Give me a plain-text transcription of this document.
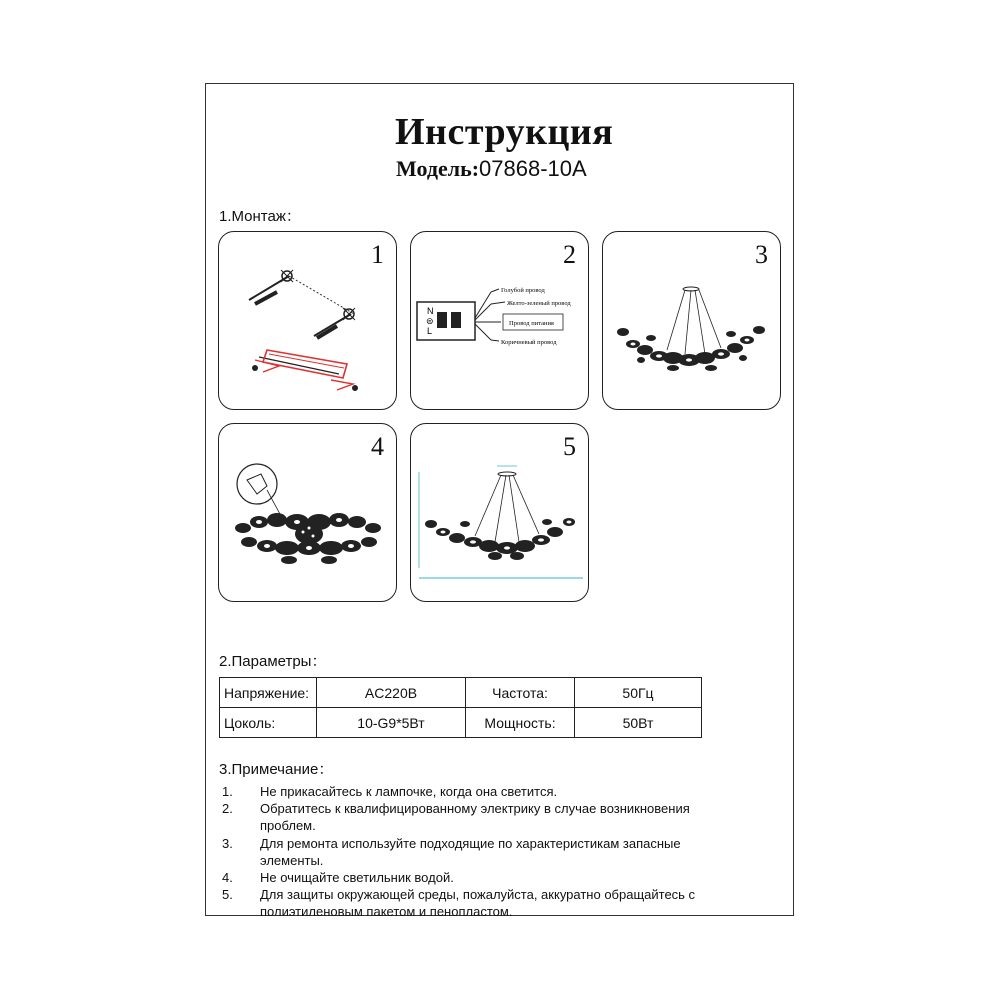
Инструкция
Модель:07868-10A
1.Монтаж：
1	2
N
⊜
L
Голубой провод
Желто-зеленый провод
Провод питания
Коричневый провод
3
4	5
2.Параметры：
Напряжение:	AC220В	Частота:	50Гц
Цоколь:	10-G9*5Вт	Мощность:	50Вт
3.Примечание：
1.	Не прикасайтесь к лампочке, когда она светится.
2.	Обратитесь к квалифицированному электрику в случае возникновения проблем.
3.	Для ремонта используйте подходящие по характеристикам запасные элементы.
4.	Не очищайте светильник водой.
5.	Для защиты окружающей среды, пожалуйста, аккуратно обращайтесь с полиэтиленовым пакетом и пенопластом.
